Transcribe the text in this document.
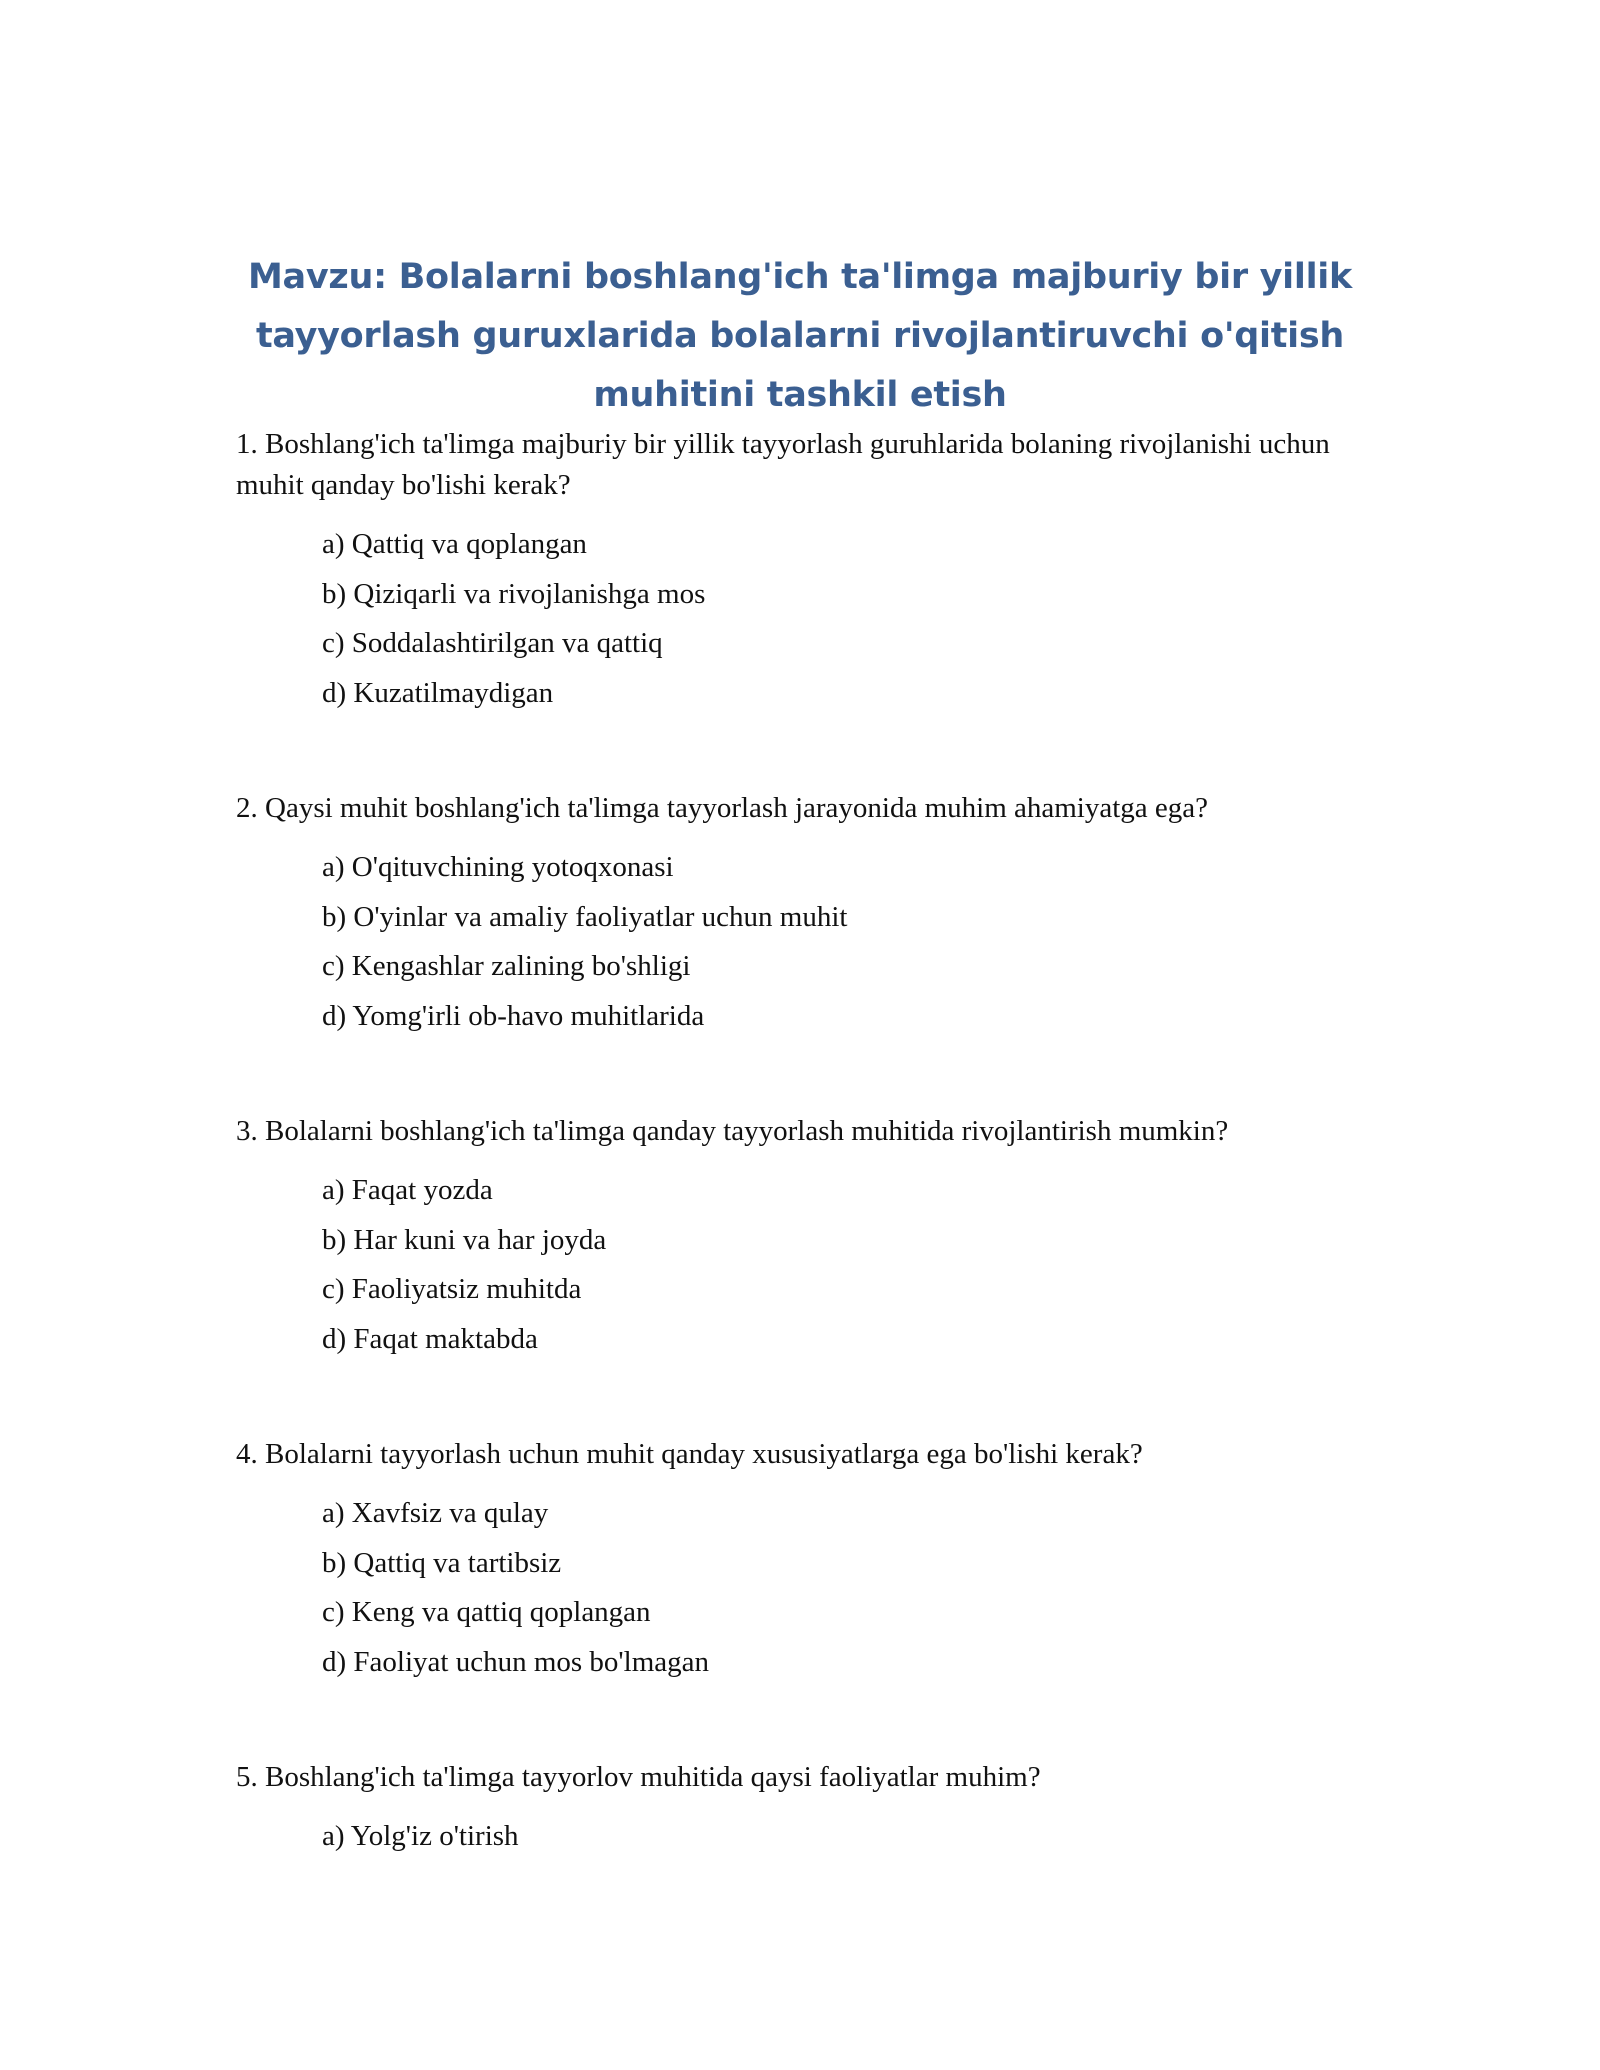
Mavzu: Bolalarni boshlang'ich ta'limga majburiy bir yillik tayyorlash guruxlarida bolalarni rivojlantiruvchi o'qitish muhitini tashkil etish

1. Boshlang'ich ta'limga majburiy bir yillik tayyorlash guruhlarida bolaning rivojlanishi uchun muhit qanday bo'lishi kerak?

a) Qattiq va qoplangan
b) Qiziqarli va rivojlanishga mos
c) Soddalashtirilgan va qattiq
d) Kuzatilmaydigan

2. Qaysi muhit boshlang'ich ta'limga tayyorlash jarayonida muhim ahamiyatga ega?

a) O'qituvchining yotoqxonasi
b) O'yinlar va amaliy faoliyatlar uchun muhit
c) Kengashlar zalining bo'shligi
d) Yomg'irli ob-havo muhitlarida

3. Bolalarni boshlang'ich ta'limga qanday tayyorlash muhitida rivojlantirish mumkin?

a) Faqat yozda
b) Har kuni va har joyda
c) Faoliyatsiz muhitda
d) Faqat maktabda

4. Bolalarni tayyorlash uchun muhit qanday xususiyatlarga ega bo'lishi kerak?

a) Xavfsiz va qulay
b) Qattiq va tartibsiz
c) Keng va qattiq qoplangan
d) Faoliyat uchun mos bo'lmagan

5. Boshlang'ich ta'limga tayyorlov muhitida qaysi faoliyatlar muhim?

a) Yolg'iz o'tirish
